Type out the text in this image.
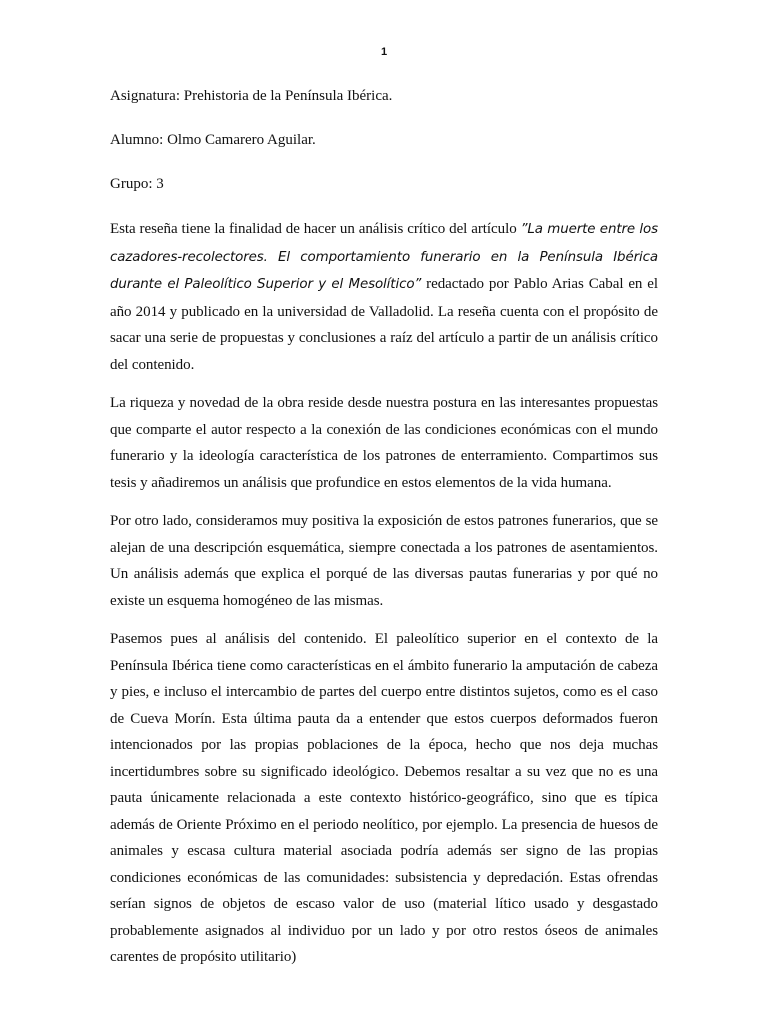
1

Asignatura: Prehistoria de la Península Ibérica.

Alumno: Olmo Camarero Aguilar.

Grupo: 3

Esta reseña tiene la finalidad de hacer un análisis crítico del artículo ”La muerte entre los cazadores-recolectores. El comportamiento funerario en la Península Ibérica durante el Paleolítico Superior y el Mesolítico” redactado por Pablo Arias Cabal en el año 2014 y publicado en la universidad de Valladolid. La reseña cuenta con el propósito de sacar una serie de propuestas y conclusiones a raíz del artículo a partir de un análisis crítico del contenido.

La riqueza y novedad de la obra reside desde nuestra postura en las interesantes propuestas que comparte el autor respecto a la conexión de las condiciones económicas con el mundo funerario y la ideología característica de los patrones de enterramiento. Compartimos sus tesis y añadiremos un análisis que profundice en estos elementos de la vida humana.

Por otro lado, consideramos muy positiva la exposición de estos patrones funerarios, que se alejan de una descripción esquemática, siempre conectada a los patrones de asentamientos. Un análisis además que explica el porqué de las diversas pautas funerarias y por qué no existe un esquema homogéneo de las mismas.

Pasemos pues al análisis del contenido. El paleolítico superior en el contexto de la Península Ibérica tiene como características en el ámbito funerario la amputación de cabeza y pies, e incluso el intercambio de partes del cuerpo entre distintos sujetos, como es el caso de Cueva Morín. Esta última pauta da a entender que estos cuerpos deformados fueron intencionados por las propias poblaciones de la época, hecho que nos deja muchas incertidumbres sobre su significado ideológico. Debemos resaltar a su vez que no es una pauta únicamente relacionada a este contexto histórico-geográfico, sino que es típica además de Oriente Próximo en el periodo neolítico, por ejemplo. La presencia de huesos de animales y escasa cultura material asociada podría además ser signo de las propias condiciones económicas de las comunidades: subsistencia y depredación. Estas ofrendas serían signos de objetos de escaso valor de uso (material lítico usado y desgastado probablemente asignados al individuo por un lado y por otro restos óseos de animales carentes de propósito utilitario)
